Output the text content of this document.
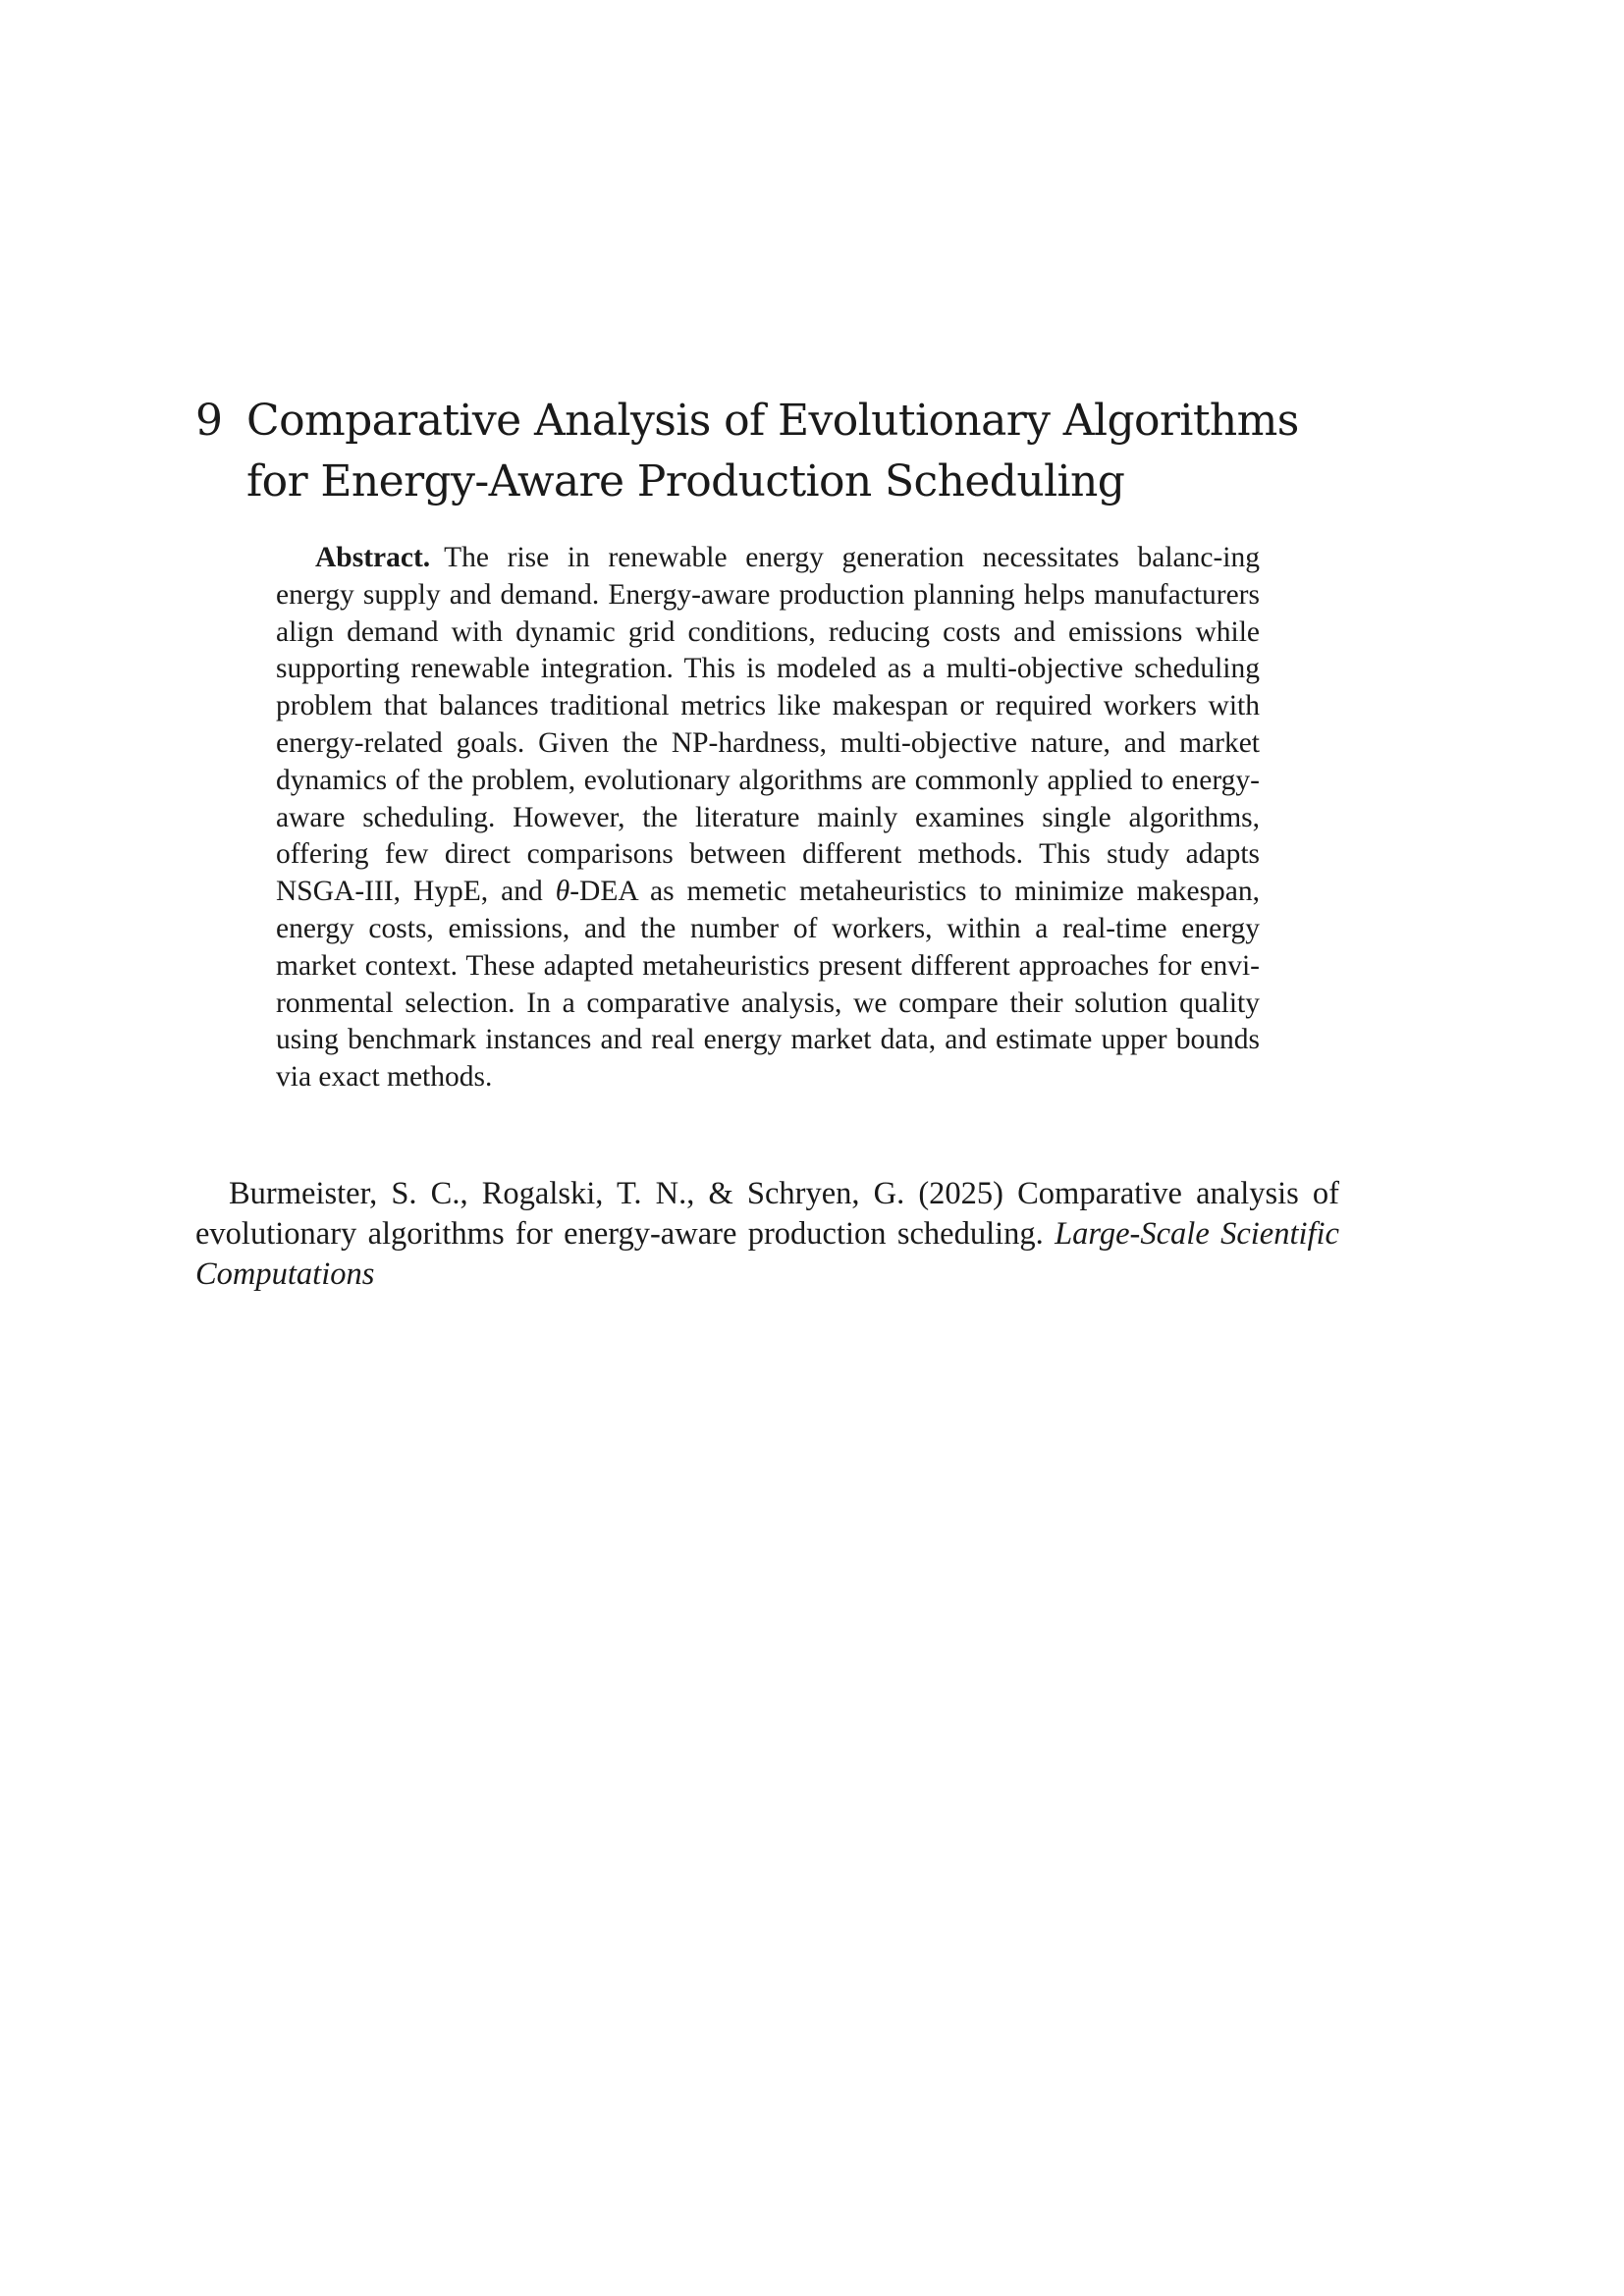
9 Comparative Analysis of Evolutionary Algorithms for Energy-Aware Production Scheduling

Abstract. The rise in renewable energy generation necessitates balanc-ing energy supply and demand. Energy-aware production planning helps manufacturers align demand with dynamic grid conditions, reducing costs and emissions while supporting renewable integration. This is modeled as a multi-objective scheduling problem that balances traditional metrics like makespan or required workers with energy-related goals. Given the NP-hardness, multi-objective nature, and market dynamics of the problem, evolutionary algorithms are commonly applied to energy-aware scheduling. However, the literature mainly examines single algorithms, offering few direct comparisons between different methods. This study adapts NSGA-III, HypE, and θ-DEA as memetic metaheuristics to minimize makespan, energy costs, emissions, and the number of workers, within a real-time energy market context. These adapted metaheuristics present different approaches for envi-ronmental selection. In a comparative analysis, we compare their solution quality using benchmark instances and real energy market data, and estimate upper bounds via exact methods.

Burmeister, S. C., Rogalski, T. N., & Schryen, G. (2025) Comparative analysis of evolutionary algorithms for energy-aware production scheduling. Large-Scale Scientific Computations
